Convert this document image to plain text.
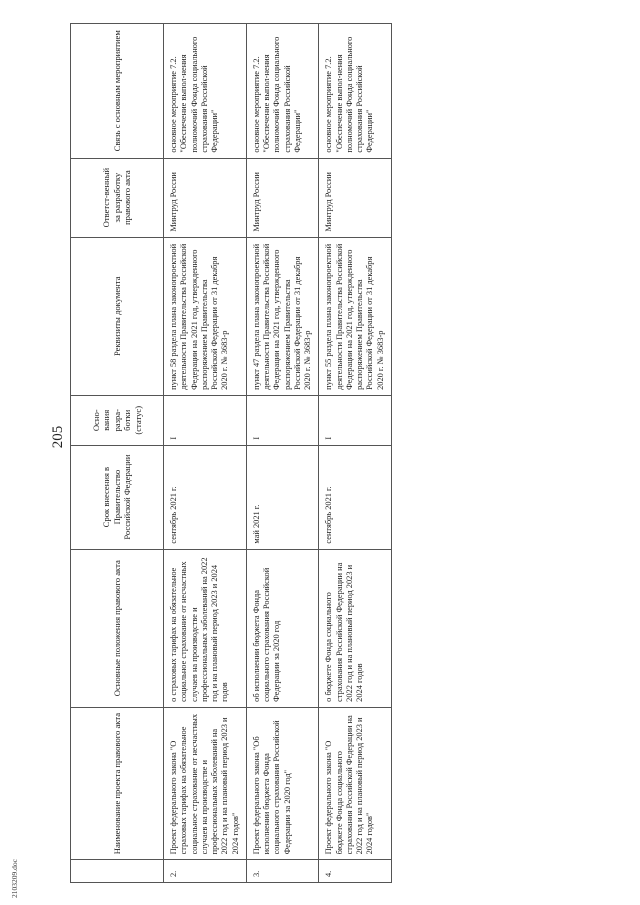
205
2103209.doc
	Наименование проекта правового акта	Основные положения правового акта	Срок внесения в Правительство Российской Федерации	Осно-вания разра-ботки (статус)	Реквизиты документа	Ответст-венный за разработку правового акта	Связь с основным мероприятием
2.	Проект федерального закона "О страховых тарифах на обязательное социальное страхование от несчастных случаев на производстве и профессиональных заболеваний на 2022 год и на плановый период 2023 и 2024 годов"	о страховых тарифах на обязательное социальное страхование от несчастных случаев на производстве и профессиональных заболеваний на 2022 год и на плановый период 2023 и 2024 годов	сентябрь 2021 г.	I	пункт 58 раздела плана законопроектной деятельности Правительства Российской Федерации на 2021 год, утвержденного распоряжением Правительства Российской Федерации от 31 декабря 2020 г. № 3683-р	Минтруд России	основное мероприятие 7.2. "Обеспечение выпол-нения полномочий Фонда социального страхования Российской Федерации"
3.	Проект федерального закона "Об исполнении бюджета Фонда социального страхования Российской Федерации за 2020 год"	об исполнении бюджета Фонда социального страхования Российской Федерации за 2020 год	май 2021 г.	I	пункт 47 раздела плана законопроектной деятельности Правительства Российской Федерации на 2021 год, утвержденного распоряжением Правительства Российской Федерации от 31 декабря 2020 г. № 3683-р	Минтруд России	основное мероприятие 7.2. "Обеспечение выпол-нения полномочий Фонда социального страхования Российской Федерации"
4.	Проект федерального закона "О бюджете Фонда социального страхования Российской Федерации на 2022 год и на плановый период 2023 и 2024 годов"	о бюджете Фонда социального страхования Российской Федерации на 2022 год и на плановый период 2023 и 2024 годов	сентябрь 2021 г.	I	пункт 55 раздела плана законопроектной деятельности Правительства Российской Федерации на 2021 год, утвержденного распоряжением Правительства Российской Федерации от 31 декабря 2020 г. № 3683-р	Минтруд России	основное мероприятие 7.2. "Обеспечение выпол-нения полномочий Фонда социального страхования Российской Федерации"
